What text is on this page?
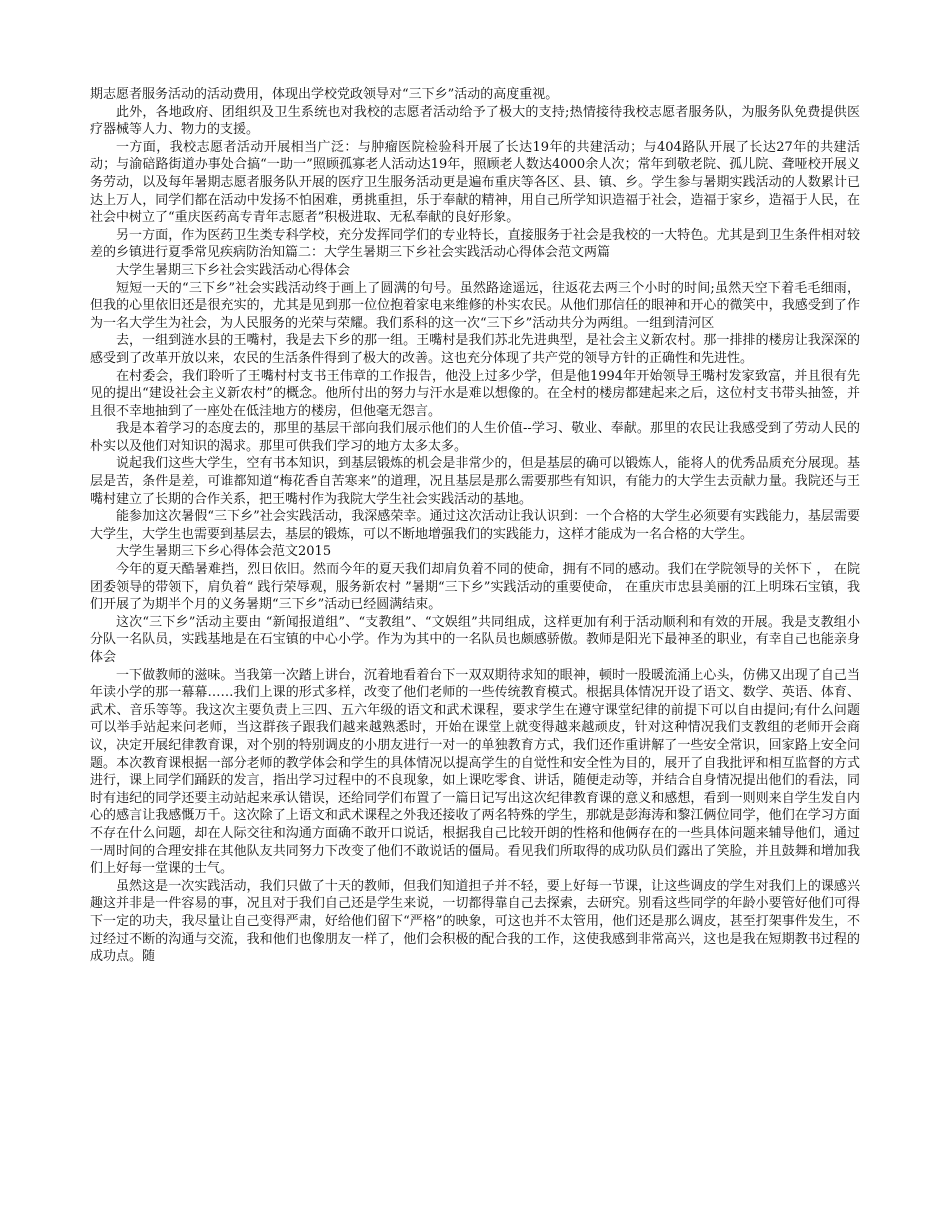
期志愿者服务活动的活动费用，体现出学校党政领导对“三下乡”活动的高度重视。

此外，各地政府、团组织及卫生系统也对我校的志愿者活动给予了极大的支持;热情接待我校志愿者服务队，为服务队免费提供医疗器械等人力、物力的支援。

一方面，我校志愿者活动开展相当广泛：与肿瘤医院检验科开展了长达19年的共建活动；与404路队开展了长达27年的共建活动；与渝碚路街道办事处合搞“一助一”照顾孤寡老人活动达19年，照顾老人数达4000余人次；常年到敬老院、孤儿院、聋哑校开展义务劳动，以及每年暑期志愿者服务队开展的医疗卫生服务活动更是遍布重庆等各区、县、镇、乡。学生参与暑期实践活动的人数累计已达上万人，同学们都在活动中发扬不怕困难，勇挑重担，乐于奉献的精神，用自己所学知识造福于社会，造福于家乡，造福于人民，在社会中树立了“重庆医药高专青年志愿者”积极进取、无私奉献的良好形象。

另一方面，作为医药卫生类专科学校，充分发挥同学们的专业特长，直接服务于社会是我校的一大特色。尤其是到卫生条件相对较差的乡镇进行夏季常见疾病防治知篇二：大学生暑期三下乡社会实践活动心得体会范文两篇

大学生暑期三下乡社会实践活动心得体会

短短一天的“三下乡”社会实践活动终于画上了圆满的句号。虽然路途遥远，往返花去两三个小时的时间;虽然天空下着毛毛细雨，但我的心里依旧还是很充实的，尤其是见到那一位位抱着家电来维修的朴实农民。从他们那信任的眼神和开心的微笑中，我感受到了作为一名大学生为社会，为人民服务的光荣与荣耀。我们系科的这一次“三下乡”活动共分为两组。一组到清河区

去，一组到涟水县的王嘴村，我是去下乡的那一组。王嘴村是我们苏北先进典型，是社会主义新农村。那一排排的楼房让我深深的感受到了改革开放以来，农民的生活条件得到了极大的改善。这也充分体现了共产党的领导方针的正确性和先进性。

在村委会，我们聆听了王嘴村村支书王伟章的工作报告，他没上过多少学，但是他1994年开始领导王嘴村发家致富，并且很有先见的提出“建设社会主义新农村”的概念。他所付出的努力与汗水是难以想像的。在全村的楼房都建起来之后，这位村支书带头抽签，并且很不幸地抽到了一座处在低洼地方的楼房，但他毫无怨言。

我是本着学习的态度去的，那里的基层干部向我们展示他们的人生价值--学习、敬业、奉献。那里的农民让我感受到了劳动人民的朴实以及他们对知识的渴求。那里可供我们学习的地方太多太多。

说起我们这些大学生，空有书本知识，到基层锻炼的机会是非常少的，但是基层的确可以锻炼人，能将人的优秀品质充分展现。基层是苦，条件是差，可谁都知道“梅花香自苦寒来”的道理，况且基层是那么需要那些有知识，有能力的大学生去贡献力量。我院还与王嘴村建立了长期的合作关系，把王嘴村作为我院大学生社会实践活动的基地。

能参加这次暑假“三下乡”社会实践活动，我深感荣幸。通过这次活动让我认识到：一个合格的大学生必须要有实践能力，基层需要大学生，大学生也需要到基层去，基层的锻炼，可以不断地增强我们的实践能力，这样才能成为一名合格的大学生。

大学生暑期三下乡心得体会范文2015

今年的夏天酷暑难挡，烈日依旧。然而今年的夏天我们却肩负着不同的使命，拥有不同的感动。我们在学院领导的关怀下 ， 在院团委领导的带领下，肩负着“ 践行荣辱观，服务新农村 ”暑期“三下乡”实践活动的重要使命， 在重庆市忠县美丽的江上明珠石宝镇，我们开展了为期半个月的义务暑期“三下乡”活动已经圆满结束。

这次“三下乡”活动主要由 “新闻报道组”、“支教组”、“文娱组”共同组成，这样更加有利于活动顺利和有效的开展。我是支教组小分队一名队员，实践基地是在石宝镇的中心小学。作为为其中的一名队员也颇感骄傲。教师是阳光下最神圣的职业，有幸自己也能亲身体会

一下做教师的滋味。当我第一次踏上讲台，沉着地看着台下一双双期待求知的眼神，顿时一股暖流涌上心头，仿佛又出现了自己当年读小学的那一幕幕……我们上课的形式多样，改变了他们老师的一些传统教育模式。根据具体情况开设了语文、数学、英语、体育、武术、音乐等等。我这次主要负责上三四、五六年级的语文和武术课程，要求学生在遵守课堂纪律的前提下可以自由提问;有什么问题可以举手站起来问老师，当这群孩子跟我们越来越熟悉时，开始在课堂上就变得越来越顽皮，针对这种情况我们支教组的老师开会商议，决定开展纪律教育课，对个别的特别调皮的小朋友进行一对一的单独教育方式，我们还作重讲解了一些安全常识，回家路上安全问题。本次教育课根据一部分老师的教学体会和学生的具体情况以提高学生的自觉性和安全性为目的，展开了自我批评和相互监督的方式进行，课上同学们踊跃的发言，指出学习过程中的不良现象，如上课吃零食、讲话，随便走动等，并结合自身情况提出他们的看法，同时有违纪的同学还要主动站起来承认错误，还给同学们布置了一篇日记写出这次纪律教育课的意义和感想，看到一则则来自学生发自内心的感言让我感慨万千。这次除了上语文和武术课程之外我还接收了两名特殊的学生，那就是彭海涛和黎江俩位同学，他们在学习方面不存在什么问题，却在人际交往和沟通方面确不敢开口说话，根据我自己比较开朗的性格和他俩存在的一些具体问题来辅导他们，通过一周时间的合理安排在其他队友共同努力下改变了他们不敢说话的僵局。看见我们所取得的成功队员们露出了笑脸，并且鼓舞和增加我们上好每一堂课的士气。

虽然这是一次实践活动，我们只做了十天的教师，但我们知道担子并不轻，要上好每一节课，让这些调皮的学生对我们上的课感兴趣这并非是一件容易的事，况且对于我们自己还是学生来说，一切都得靠自己去探索，去研究。别看这些同学的年龄小要管好他们可得下一定的功夫，我尽量让自己变得严肃，好给他们留下“严格”的映象，可这也并不太管用，他们还是那么调皮，甚至打架事件发生，不过经过不断的沟通与交流，我和他们也像朋友一样了，他们会积极的配合我的工作，这使我感到非常高兴，这也是我在短期教书过程的成功点。随
